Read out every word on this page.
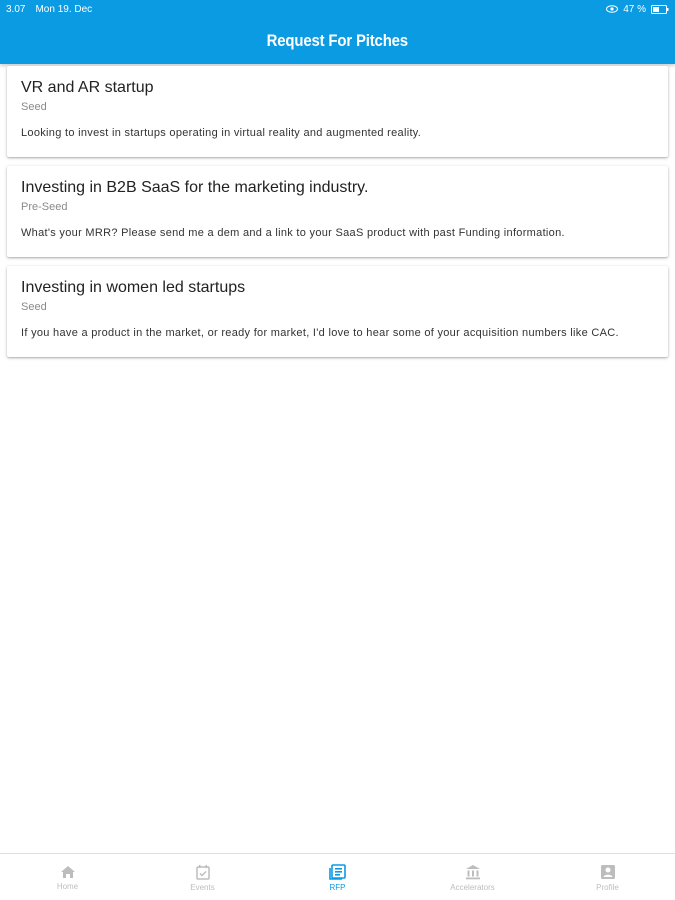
3.07 Mon 19. Dec	47 %
Request For Pitches
VR and AR startup
Seed
Looking to invest in startups operating in virtual reality and augmented reality.
Investing in B2B SaaS for the marketing industry.
Pre-Seed
What's your MRR? Please send me a dem and a link to your SaaS product with past Funding information.
Investing in women led startups
Seed
If you have a product in the market, or ready for market, I'd love to hear some of your acquisition numbers like CAC.
Home	Events	RFP	Accelerators	Profile
